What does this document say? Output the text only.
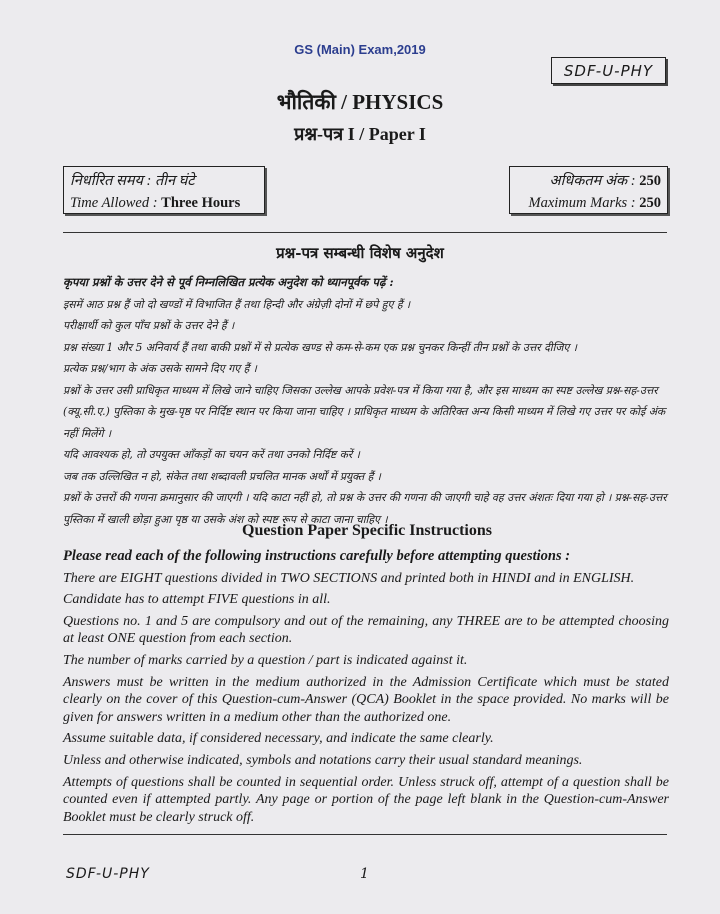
GS (Main) Exam,2019
SDF-U-PHY
भौतिकी / PHYSICS
प्रश्न-पत्र I / Paper I
निर्धारित समय : तीन घंटे
Time Allowed : Three Hours
अधिकतम अंक : 250
Maximum Marks : 250
प्रश्न-पत्र सम्बन्धी विशेष अनुदेश

कृपया प्रश्नों के उत्तर देने से पूर्व निम्नलिखित प्रत्येक अनुदेश को ध्यानपूर्वक पढ़ें :

इसमें आठ प्रश्न हैं जो दो खण्डों में विभाजित हैं तथा हिन्दी और अंग्रेज़ी दोनों में छपे हुए हैं ।

परीक्षार्थी को कुल पाँच प्रश्नों के उत्तर देने हैं ।

प्रश्न संख्या 1 और 5 अनिवार्य हैं तथा बाकी प्रश्नों में से प्रत्येक खण्ड से कम-से-कम एक प्रश्न चुनकर किन्हीं तीन प्रश्नों के उत्तर दीजिए ।

प्रत्येक प्रश्न/भाग के अंक उसके सामने दिए गए हैं ।

प्रश्नों के उत्तर उसी प्राधिकृत माध्यम में लिखे जाने चाहिए जिसका उल्लेख आपके प्रवेश-पत्र में किया गया है, और इस माध्यम का स्पष्ट उल्लेख प्रश्न-सह-उत्तर (क्यू.सी.ए.) पुस्तिका के मुख-पृष्ठ पर निर्दिष्ट स्थान पर किया जाना चाहिए । प्राधिकृत माध्यम के अतिरिक्त अन्य किसी माध्यम में लिखे गए उत्तर पर कोई अंक नहीं मिलेंगे ।

यदि आवश्यक हो, तो उपयुक्त आँकड़ों का चयन करें तथा उनको निर्दिष्ट करें ।

जब तक उल्लिखित न हो, संकेत तथा शब्दावली प्रचलित मानक अर्थों में प्रयुक्त हैं ।

प्रश्नों के उत्तरों की गणना क्रमानुसार की जाएगी । यदि काटा नहीं हो, तो प्रश्न के उत्तर की गणना की जाएगी चाहे वह उत्तर अंशतः दिया गया हो । प्रश्न-सह-उत्तर पुस्तिका में खाली छोड़ा हुआ पृष्ठ या उसके अंश को स्पष्ट रूप से काटा जाना चाहिए ।

Question Paper Specific Instructions

Please read each of the following instructions carefully before attempting questions :

There are EIGHT questions divided in TWO SECTIONS and printed both in HINDI and in ENGLISH.

Candidate has to attempt FIVE questions in all.

Questions no. 1 and 5 are compulsory and out of the remaining, any THREE are to be attempted choosing at least ONE question from each section.

The number of marks carried by a question / part is indicated against it.

Answers must be written in the medium authorized in the Admission Certificate which must be stated clearly on the cover of this Question-cum-Answer (QCA) Booklet in the space provided. No marks will be given for answers written in a medium other than the authorized one.

Assume suitable data, if considered necessary, and indicate the same clearly.

Unless and otherwise indicated, symbols and notations carry their usual standard meanings.

Attempts of questions shall be counted in sequential order. Unless struck off, attempt of a question shall be counted even if attempted partly. Any page or portion of the page left blank in the Question-cum-Answer Booklet must be clearly struck off.

SDF-U-PHY	1
